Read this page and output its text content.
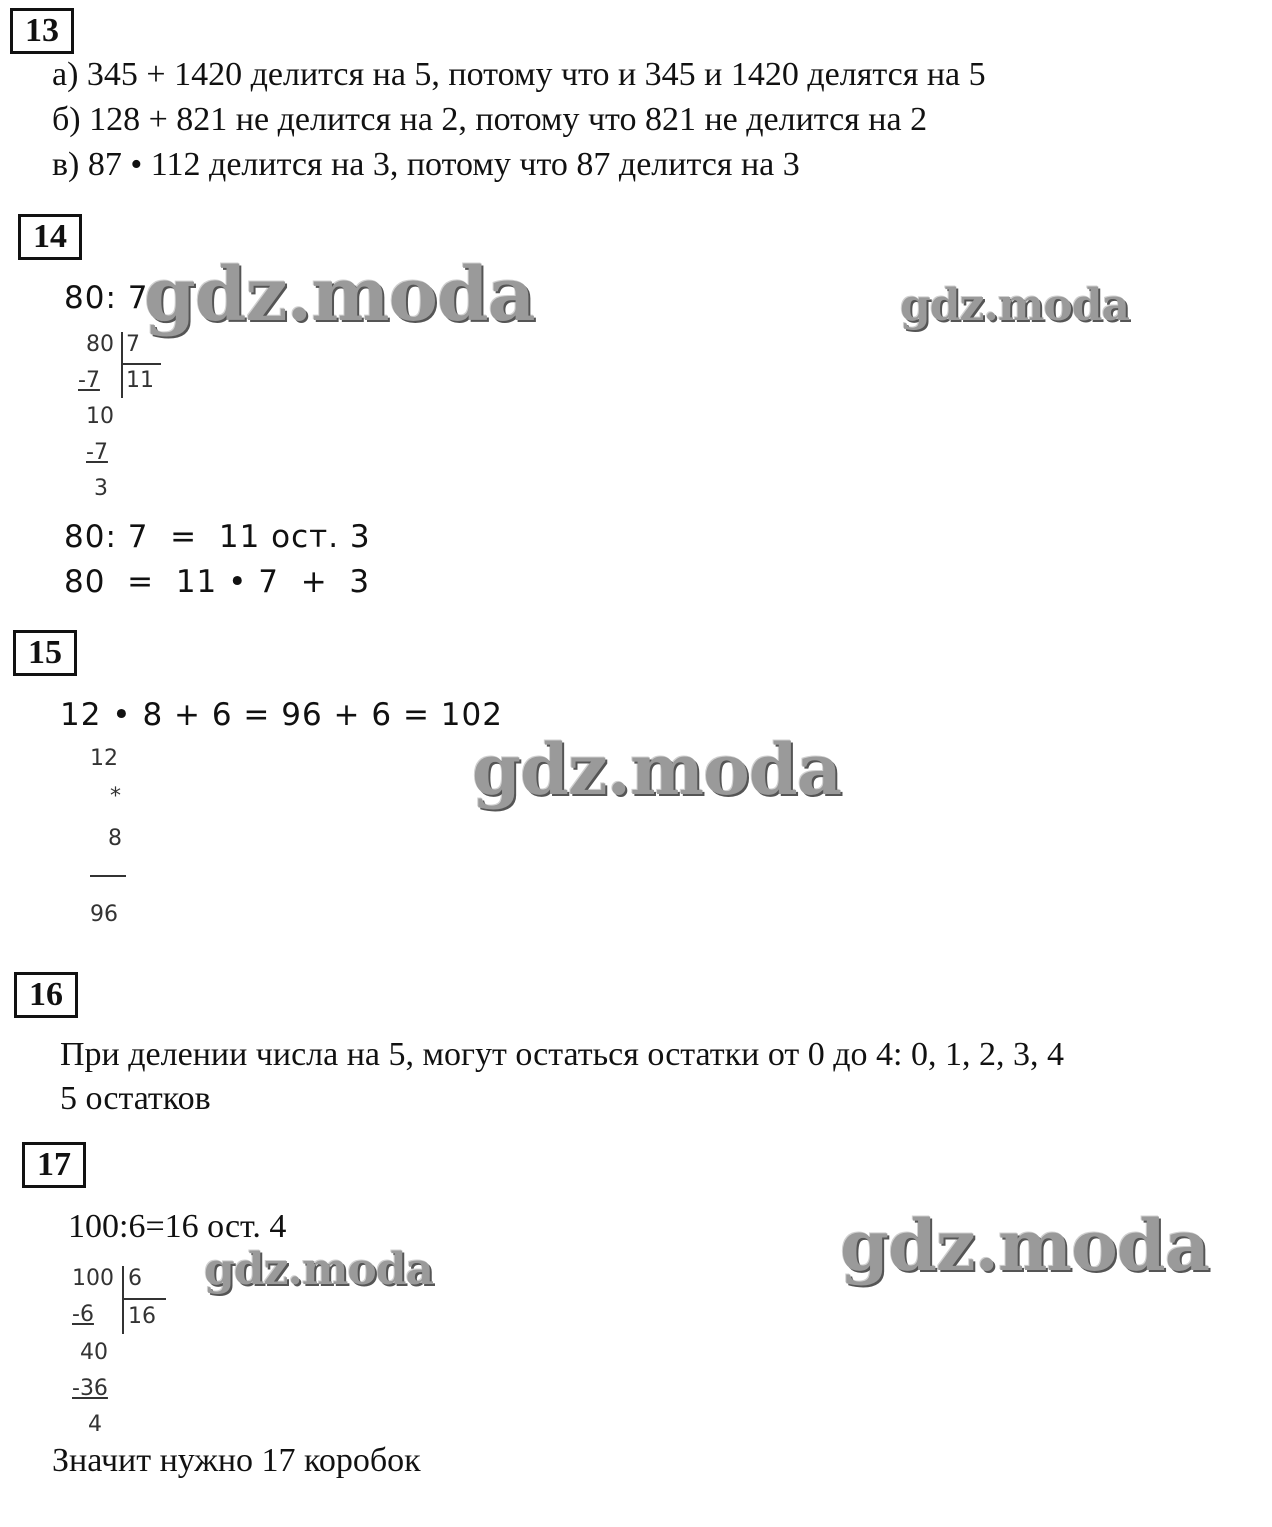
13
а) 345 + 1420 делится на 5, потому что и 345 и 1420 делятся на 5
б) 128 + 821 не делится на 2, потому что 821 не делится на 2
в) 87 • 112 делится на 3, потому что 87 делится на 3
14
80: 7
gdz.moda	gdz.moda
80 7
11
-7
10
-7
3
80: 7  =  11 ост. 3
80  =  11 • 7  +  3
15
12 • 8 + 6 = 96 + 6 = 102
gdz.moda
12
*
8
96
16
При делении числа на 5, могут остаться остатки от 0 до 4: 0, 1, 2, 3, 4
5 остатков
17
100:6=16 ост. 4
gdz.moda	gdz.moda
100 6
16
-6
40
-36
4
Значит нужно 17 коробок
